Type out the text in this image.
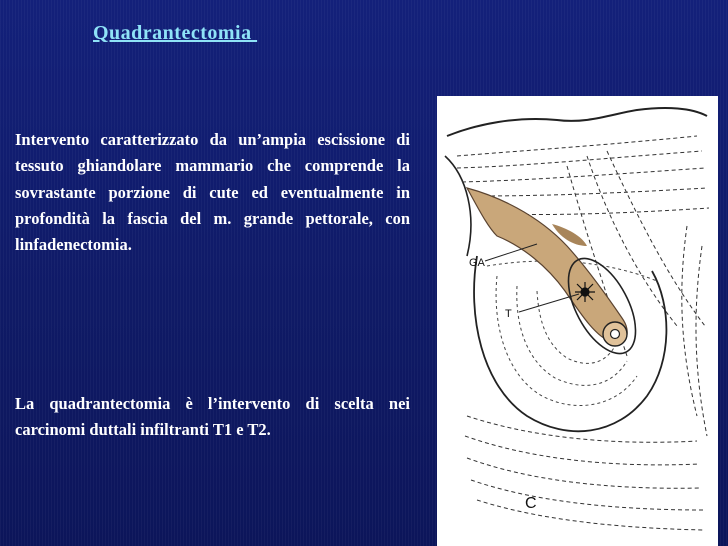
Quadrantectomia

Intervento caratterizzato da un’ampia escissione di tessuto ghiandolare mammario che comprende la sovrastante porzione di cute ed eventualmente in profondità la fascia del m. grande pettorale, con linfadenectomia.

La quadrantectomia è l’intervento di scelta nei carcinomi duttali infiltranti T1 e T2.

GA
T
C
